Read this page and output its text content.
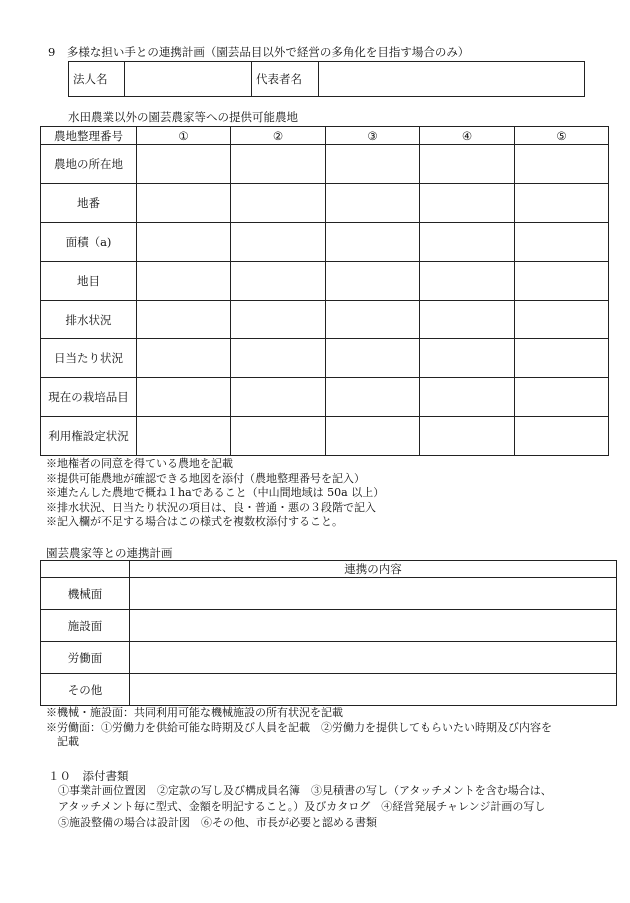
9　多様な担い手との連携計画（園芸品目以外で経営の多角化を目指す場合のみ）
法人名		代表者名	
水田農業以外の園芸農家等への提供可能農地
農地整理番号	①	②	③	④	⑤
農地の所在地					
地番					
面積（a)					
地目					
排水状況					
日当たり状況					
現在の栽培品目					
利用権設定状況					
※地権者の同意を得ている農地を記載
※提供可能農地が確認できる地図を添付（農地整理番号を記入）
※連たんした農地で概ね１haであること（中山間地域は 50a 以上）
※排水状況、日当たり状況の項目は、良・普通・悪の３段階で記入
※記入欄が不足する場合はこの様式を複数枚添付すること。
園芸農家等との連携計画
	連携の内容
機械面	
施設面	
労働面	
その他	
※機械・施設面：共同利用可能な機械施設の所有状況を記載
※労働面：①労働力を供給可能な時期及び人員を記載　②労働力を提供してもらいたい時期及び内容を
　記載
１０　添付書類
①事業計画位置図　②定款の写し及び構成員名簿　③見積書の写し（アタッチメントを含む場合は、
アタッチメント毎に型式、金額を明記すること。）及びカタログ　④経営発展チャレンジ計画の写し
⑤施設整備の場合は設計図　⑥その他、市長が必要と認める書類
